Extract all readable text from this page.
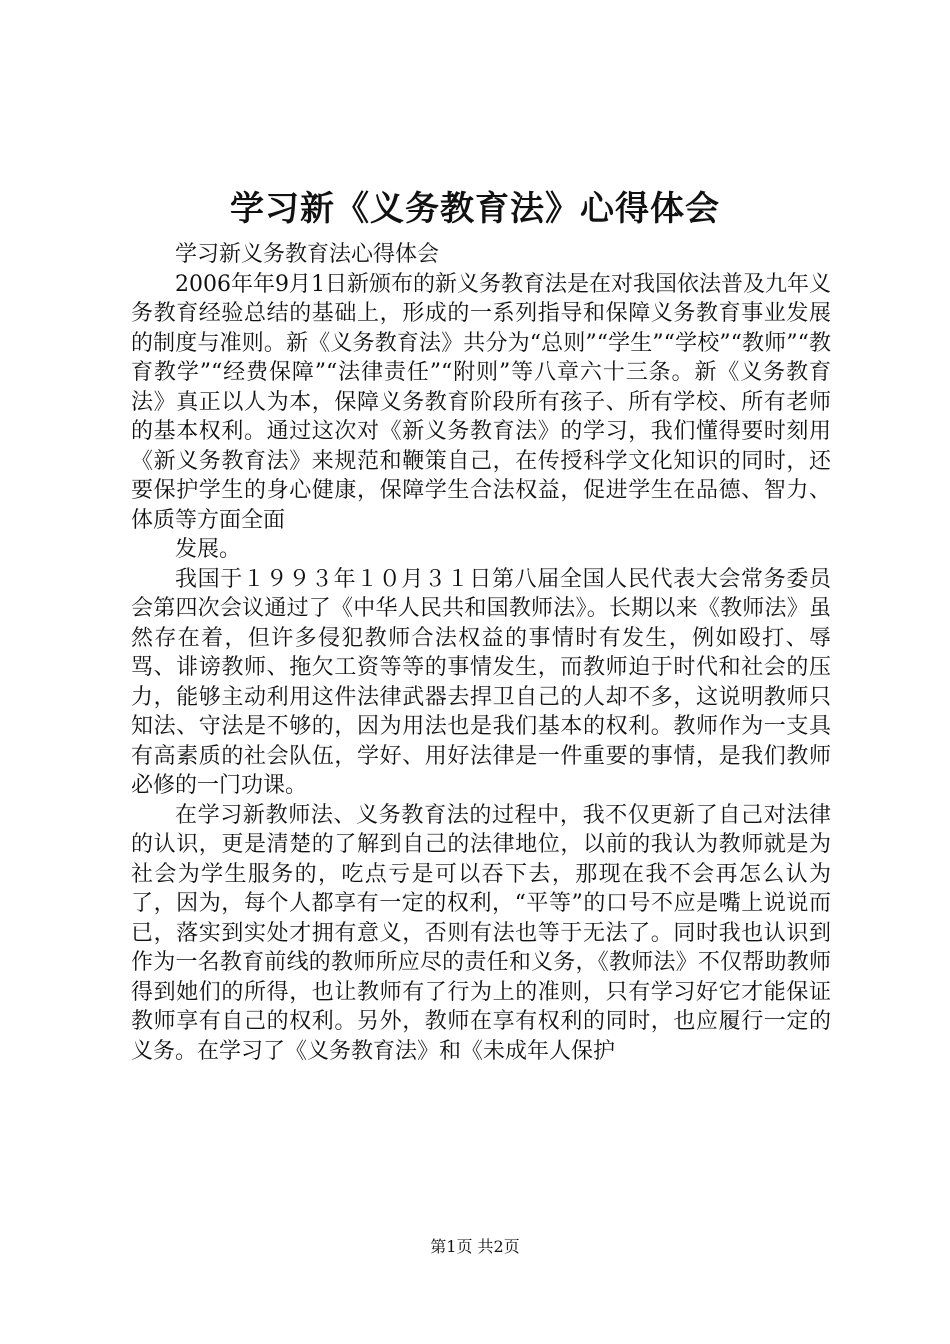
学习新《义务教育法》心得体会

学习新义务教育法心得体会

2006年年9月1日新颁布的新义务教育法是在对我国依法普及九年义务教育经验总结的基础上，形成的一系列指导和保障义务教育事业发展的制度与准则。新《义务教育法》共分为“总则”“学生”“学校”“教师”“教育教学”“经费保障”“法律责任”“附则”等八章六十三条。新《义务教育法》真正以人为本，保障义务教育阶段所有孩子、所有学校、所有老师的基本权利。通过这次对《新义务教育法》的学习，我们懂得要时刻用《新义务教育法》来规范和鞭策自己，在传授科学文化知识的同时，还要保护学生的身心健康，保障学生合法权益，促进学生在品德、智力、体质等方面全面

发展。

我国于１９９３年１０月３１日第八届全国人民代表大会常务委员会第四次会议通过了《中华人民共和国教师法》。长期以来《教师法》虽然存在着，但许多侵犯教师合法权益的事情时有发生，例如殴打、辱骂、诽谤教师、拖欠工资等等的事情发生，而教师迫于时代和社会的压力，能够主动利用这件法律武器去捍卫自己的人却不多，这说明教师只知法、守法是不够的，因为用法也是我们基本的权利。教师作为一支具有高素质的社会队伍，学好、用好法律是一件重要的事情，是我们教师必修的一门功课。

在学习新教师法、义务教育法的过程中，我不仅更新了自己对法律的认识，更是清楚的了解到自己的法律地位，以前的我认为教师就是为社会为学生服务的，吃点亏是可以吞下去，那现在我不会再怎么认为了，因为，每个人都享有一定的权利，“平等”的口号不应是嘴上说说而已，落实到实处才拥有意义，否则有法也等于无法了。同时我也认识到作为一名教育前线的教师所应尽的责任和义务，《教师法》不仅帮助教师得到她们的所得，也让教师有了行为上的准则，只有学习好它才能保证教师享有自己的权利。另外，教师在享有权利的同时，也应履行一定的义务。在学习了《义务教育法》和《未成年人保护

第1页 共2页
